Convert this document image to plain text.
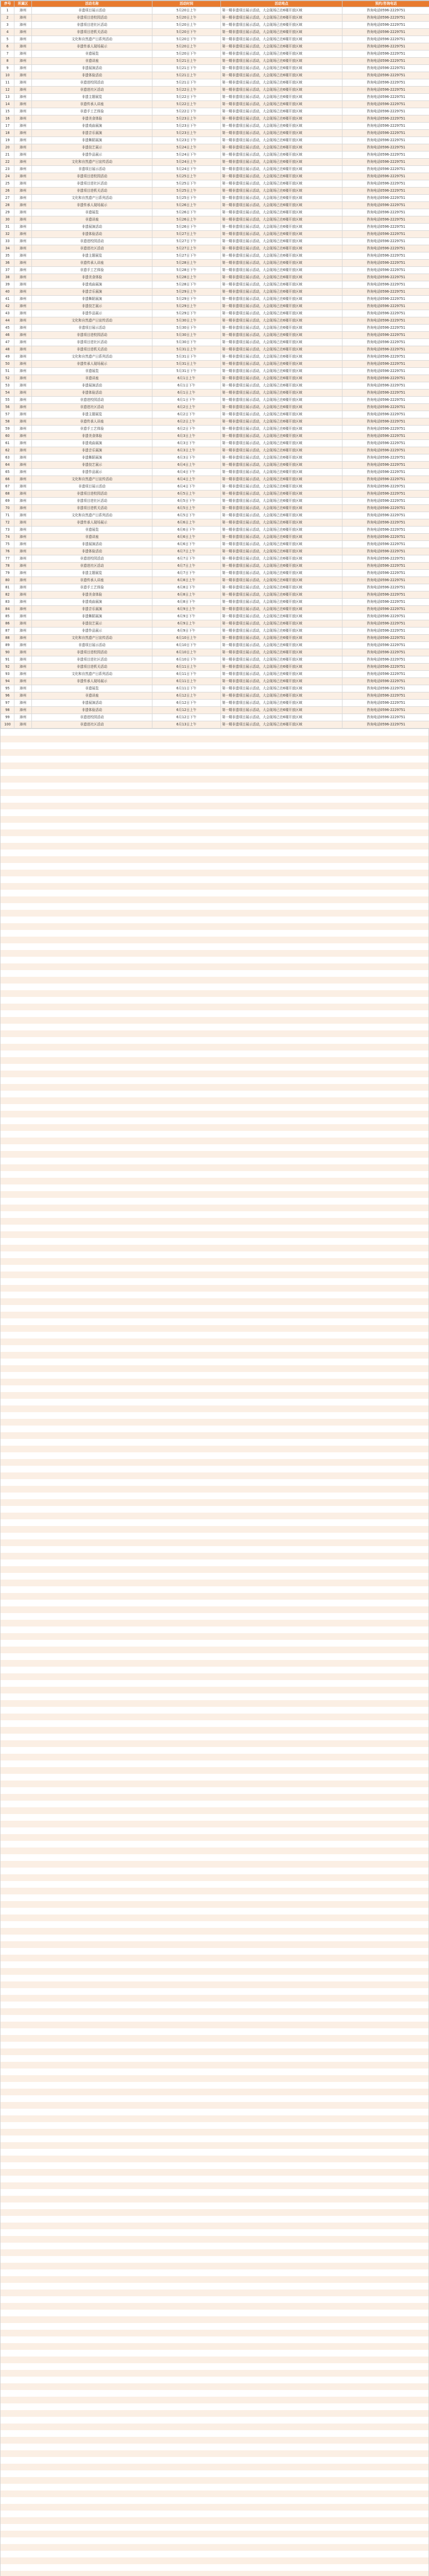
序号	所属区	活动名称	活动时间	活动地点	预约/咨询电话
1	漳州	非遗项目展示活动	5月20日上午	第一期非遗项目展示活动，大会现场已在6楼开放区域	咨询电话0596-2229751
2	漳州	非遗项目进校园活动	5月20日上午	第一期非遗项目展示活动，大会现场已在6楼开放区域	咨询电话0596-2229751
3	漳州	非遗项目进社区活动	5月20日上午	第一期非遗项目展示活动，大会现场已在6楼开放区域	咨询电话0596-2229751
4	漳州	非遗项目进机关活动	5月20日下午	第一期非遗项目展示活动，大会现场已在6楼开放区域	咨询电话0596-2229751
5	漳州	文化和自然遗产日系列活动	5月20日下午	第一期非遗项目展示活动，大会现场已在6楼开放区域	咨询电话0596-2229751
6	漳州	非遗传承人现场展示	5月20日上午	第一期非遗项目展示活动，大会现场已在6楼开放区域	咨询电话0596-2229751
7	漳州	非遗展览	5月20日下午	第一期非遗项目展示活动，大会现场已在6楼开放区域	咨询电话0596-2229751
8	漳州	非遗讲座	5月21日上午	第一期非遗项目展示活动，大会现场已在6楼开放区域	咨询电话0596-2229751
9	漳州	非遗展演活动	5月21日下午	第一期非遗项目展示活动，大会现场已在6楼开放区域	咨询电话0596-2229751
10	漳州	非遗体验活动	5月21日上午	第一期非遗项目展示活动，大会现场已在6楼开放区域	咨询电话0596-2229751
11	漳州	非遗进校园活动	5月21日下午	第一期非遗项目展示活动，大会现场已在6楼开放区域	咨询电话0596-2229751
12	漳州	非遗进社区活动	5月22日上午	第一期非遗项目展示活动，大会现场已在6楼开放区域	咨询电话0596-2229751
13	漳州	非遗主题展览	5月22日下午	第一期非遗项目展示活动，大会现场已在6楼开放区域	咨询电话0596-2229751
14	漳州	非遗传承人讲座	5月22日上午	第一期非遗项目展示活动，大会现场已在6楼开放区域	咨询电话0596-2229751
15	漳州	非遗手工艺体验	5月22日下午	第一期非遗项目展示活动，大会现场已在6楼开放区域	咨询电话0596-2229751
16	漳州	非遗美食体验	5月23日上午	第一期非遗项目展示活动，大会现场已在6楼开放区域	咨询电话0596-2229751
17	漳州	非遗戏曲展演	5月23日下午	第一期非遗项目展示活动，大会现场已在6楼开放区域	咨询电话0596-2229751
18	漳州	非遗音乐展演	5月23日上午	第一期非遗项目展示活动，大会现场已在6楼开放区域	咨询电话0596-2229751
19	漳州	非遗舞蹈展演	5月23日下午	第一期非遗项目展示活动，大会现场已在6楼开放区域	咨询电话0596-2229751
20	漳州	非遗技艺展示	5月24日上午	第一期非遗项目展示活动，大会现场已在6楼开放区域	咨询电话0596-2229751
21	漳州	非遗作品展示	5月24日下午	第一期非遗项目展示活动，大会现场已在6楼开放区域	咨询电话0596-2229751
22	漳州	文化和自然遗产日宣传活动	5月24日上午	第一期非遗项目展示活动，大会现场已在6楼开放区域	咨询电话0596-2229751
23	漳州	非遗项目展示活动	5月24日下午	第一期非遗项目展示活动，大会现场已在6楼开放区域	咨询电话0596-2229751
24	漳州	非遗项目进校园活动	5月25日上午	第一期非遗项目展示活动，大会现场已在6楼开放区域	咨询电话0596-2229751
25	漳州	非遗项目进社区活动	5月25日下午	第一期非遗项目展示活动，大会现场已在6楼开放区域	咨询电话0596-2229751
26	漳州	非遗项目进机关活动	5月25日上午	第一期非遗项目展示活动，大会现场已在6楼开放区域	咨询电话0596-2229751
27	漳州	文化和自然遗产日系列活动	5月25日下午	第一期非遗项目展示活动，大会现场已在6楼开放区域	咨询电话0596-2229751
28	漳州	非遗传承人现场展示	5月26日上午	第一期非遗项目展示活动，大会现场已在6楼开放区域	咨询电话0596-2229751
29	漳州	非遗展览	5月26日下午	第一期非遗项目展示活动，大会现场已在6楼开放区域	咨询电话0596-2229751
30	漳州	非遗讲座	5月26日上午	第一期非遗项目展示活动，大会现场已在6楼开放区域	咨询电话0596-2229751
31	漳州	非遗展演活动	5月26日下午	第一期非遗项目展示活动，大会现场已在6楼开放区域	咨询电话0596-2229751
32	漳州	非遗体验活动	5月27日上午	第一期非遗项目展示活动，大会现场已在6楼开放区域	咨询电话0596-2229751
33	漳州	非遗进校园活动	5月27日下午	第一期非遗项目展示活动，大会现场已在6楼开放区域	咨询电话0596-2229751
34	漳州	非遗进社区活动	5月27日上午	第一期非遗项目展示活动，大会现场已在6楼开放区域	咨询电话0596-2229751
35	漳州	非遗主题展览	5月27日下午	第一期非遗项目展示活动，大会现场已在6楼开放区域	咨询电话0596-2229751
36	漳州	非遗传承人讲座	5月28日上午	第一期非遗项目展示活动，大会现场已在6楼开放区域	咨询电话0596-2229751
37	漳州	非遗手工艺体验	5月28日下午	第一期非遗项目展示活动，大会现场已在6楼开放区域	咨询电话0596-2229751
38	漳州	非遗美食体验	5月28日上午	第一期非遗项目展示活动，大会现场已在6楼开放区域	咨询电话0596-2229751
39	漳州	非遗戏曲展演	5月28日下午	第一期非遗项目展示活动，大会现场已在6楼开放区域	咨询电话0596-2229751
40	漳州	非遗音乐展演	5月29日上午	第一期非遗项目展示活动，大会现场已在6楼开放区域	咨询电话0596-2229751
41	漳州	非遗舞蹈展演	5月29日下午	第一期非遗项目展示活动，大会现场已在6楼开放区域	咨询电话0596-2229751
42	漳州	非遗技艺展示	5月29日上午	第一期非遗项目展示活动，大会现场已在6楼开放区域	咨询电话0596-2229751
43	漳州	非遗作品展示	5月29日下午	第一期非遗项目展示活动，大会现场已在6楼开放区域	咨询电话0596-2229751
44	漳州	文化和自然遗产日宣传活动	5月30日上午	第一期非遗项目展示活动，大会现场已在6楼开放区域	咨询电话0596-2229751
45	漳州	非遗项目展示活动	5月30日下午	第一期非遗项目展示活动，大会现场已在6楼开放区域	咨询电话0596-2229751
46	漳州	非遗项目进校园活动	5月30日上午	第一期非遗项目展示活动，大会现场已在6楼开放区域	咨询电话0596-2229751
47	漳州	非遗项目进社区活动	5月30日下午	第一期非遗项目展示活动，大会现场已在6楼开放区域	咨询电话0596-2229751
48	漳州	非遗项目进机关活动	5月31日上午	第一期非遗项目展示活动，大会现场已在6楼开放区域	咨询电话0596-2229751
49	漳州	文化和自然遗产日系列活动	5月31日下午	第一期非遗项目展示活动，大会现场已在6楼开放区域	咨询电话0596-2229751
50	漳州	非遗传承人现场展示	5月31日上午	第一期非遗项目展示活动，大会现场已在6楼开放区域	咨询电话0596-2229751
51	漳州	非遗展览	5月31日下午	第一期非遗项目展示活动，大会现场已在6楼开放区域	咨询电话0596-2229751
52	漳州	非遗讲座	6月1日上午	第一期非遗项目展示活动，大会现场已在6楼开放区域	咨询电话0596-2229751
53	漳州	非遗展演活动	6月1日下午	第一期非遗项目展示活动，大会现场已在6楼开放区域	咨询电话0596-2229751
54	漳州	非遗体验活动	6月1日上午	第一期非遗项目展示活动，大会现场已在6楼开放区域	咨询电话0596-2229751
55	漳州	非遗进校园活动	6月1日下午	第一期非遗项目展示活动，大会现场已在6楼开放区域	咨询电话0596-2229751
56	漳州	非遗进社区活动	6月2日上午	第一期非遗项目展示活动，大会现场已在6楼开放区域	咨询电话0596-2229751
57	漳州	非遗主题展览	6月2日下午	第一期非遗项目展示活动，大会现场已在6楼开放区域	咨询电话0596-2229751
58	漳州	非遗传承人讲座	6月2日上午	第一期非遗项目展示活动，大会现场已在6楼开放区域	咨询电话0596-2229751
59	漳州	非遗手工艺体验	6月2日下午	第一期非遗项目展示活动，大会现场已在6楼开放区域	咨询电话0596-2229751
60	漳州	非遗美食体验	6月3日上午	第一期非遗项目展示活动，大会现场已在6楼开放区域	咨询电话0596-2229751
61	漳州	非遗戏曲展演	6月3日下午	第一期非遗项目展示活动，大会现场已在6楼开放区域	咨询电话0596-2229751
62	漳州	非遗音乐展演	6月3日上午	第一期非遗项目展示活动，大会现场已在6楼开放区域	咨询电话0596-2229751
63	漳州	非遗舞蹈展演	6月3日下午	第一期非遗项目展示活动，大会现场已在6楼开放区域	咨询电话0596-2229751
64	漳州	非遗技艺展示	6月4日上午	第一期非遗项目展示活动，大会现场已在6楼开放区域	咨询电话0596-2229751
65	漳州	非遗作品展示	6月4日下午	第一期非遗项目展示活动，大会现场已在6楼开放区域	咨询电话0596-2229751
66	漳州	文化和自然遗产日宣传活动	6月4日上午	第一期非遗项目展示活动，大会现场已在6楼开放区域	咨询电话0596-2229751
67	漳州	非遗项目展示活动	6月4日下午	第一期非遗项目展示活动，大会现场已在6楼开放区域	咨询电话0596-2229751
68	漳州	非遗项目进校园活动	6月5日上午	第一期非遗项目展示活动，大会现场已在6楼开放区域	咨询电话0596-2229751
69	漳州	非遗项目进社区活动	6月5日下午	第一期非遗项目展示活动，大会现场已在6楼开放区域	咨询电话0596-2229751
70	漳州	非遗项目进机关活动	6月5日上午	第一期非遗项目展示活动，大会现场已在6楼开放区域	咨询电话0596-2229751
71	漳州	文化和自然遗产日系列活动	6月5日下午	第一期非遗项目展示活动，大会现场已在6楼开放区域	咨询电话0596-2229751
72	漳州	非遗传承人现场展示	6月6日上午	第一期非遗项目展示活动，大会现场已在6楼开放区域	咨询电话0596-2229751
73	漳州	非遗展览	6月6日下午	第一期非遗项目展示活动，大会现场已在6楼开放区域	咨询电话0596-2229751
74	漳州	非遗讲座	6月6日上午	第一期非遗项目展示活动，大会现场已在6楼开放区域	咨询电话0596-2229751
75	漳州	非遗展演活动	6月6日下午	第一期非遗项目展示活动，大会现场已在6楼开放区域	咨询电话0596-2229751
76	漳州	非遗体验活动	6月7日上午	第一期非遗项目展示活动，大会现场已在6楼开放区域	咨询电话0596-2229751
77	漳州	非遗进校园活动	6月7日下午	第一期非遗项目展示活动，大会现场已在6楼开放区域	咨询电话0596-2229751
78	漳州	非遗进社区活动	6月7日上午	第一期非遗项目展示活动，大会现场已在6楼开放区域	咨询电话0596-2229751
79	漳州	非遗主题展览	6月7日下午	第一期非遗项目展示活动，大会现场已在6楼开放区域	咨询电话0596-2229751
80	漳州	非遗传承人讲座	6月8日上午	第一期非遗项目展示活动，大会现场已在6楼开放区域	咨询电话0596-2229751
81	漳州	非遗手工艺体验	6月8日下午	第一期非遗项目展示活动，大会现场已在6楼开放区域	咨询电话0596-2229751
82	漳州	非遗美食体验	6月8日上午	第一期非遗项目展示活动，大会现场已在6楼开放区域	咨询电话0596-2229751
83	漳州	非遗戏曲展演	6月8日下午	第一期非遗项目展示活动，大会现场已在6楼开放区域	咨询电话0596-2229751
84	漳州	非遗音乐展演	6月9日上午	第一期非遗项目展示活动，大会现场已在6楼开放区域	咨询电话0596-2229751
85	漳州	非遗舞蹈展演	6月9日下午	第一期非遗项目展示活动，大会现场已在6楼开放区域	咨询电话0596-2229751
86	漳州	非遗技艺展示	6月9日上午	第一期非遗项目展示活动，大会现场已在6楼开放区域	咨询电话0596-2229751
87	漳州	非遗作品展示	6月9日下午	第一期非遗项目展示活动，大会现场已在6楼开放区域	咨询电话0596-2229751
88	漳州	文化和自然遗产日宣传活动	6月10日上午	第一期非遗项目展示活动，大会现场已在6楼开放区域	咨询电话0596-2229751
89	漳州	非遗项目展示活动	6月10日下午	第一期非遗项目展示活动，大会现场已在6楼开放区域	咨询电话0596-2229751
90	漳州	非遗项目进校园活动	6月10日上午	第一期非遗项目展示活动，大会现场已在6楼开放区域	咨询电话0596-2229751
91	漳州	非遗项目进社区活动	6月10日下午	第一期非遗项目展示活动，大会现场已在6楼开放区域	咨询电话0596-2229751
92	漳州	非遗项目进机关活动	6月11日上午	第一期非遗项目展示活动，大会现场已在6楼开放区域	咨询电话0596-2229751
93	漳州	文化和自然遗产日系列活动	6月11日下午	第一期非遗项目展示活动，大会现场已在6楼开放区域	咨询电话0596-2229751
94	漳州	非遗传承人现场展示	6月11日上午	第一期非遗项目展示活动，大会现场已在6楼开放区域	咨询电话0596-2229751
95	漳州	非遗展览	6月11日下午	第一期非遗项目展示活动，大会现场已在6楼开放区域	咨询电话0596-2229751
96	漳州	非遗讲座	6月12日上午	第一期非遗项目展示活动，大会现场已在6楼开放区域	咨询电话0596-2229751
97	漳州	非遗展演活动	6月12日下午	第一期非遗项目展示活动，大会现场已在6楼开放区域	咨询电话0596-2229751
98	漳州	非遗体验活动	6月12日上午	第一期非遗项目展示活动，大会现场已在6楼开放区域	咨询电话0596-2229751
99	漳州	非遗进校园活动	6月12日下午	第一期非遗项目展示活动，大会现场已在6楼开放区域	咨询电话0596-2229751
100	漳州	非遗进社区活动	6月13日上午	第一期非遗项目展示活动，大会现场已在6楼开放区域	咨询电话0596-2229751
